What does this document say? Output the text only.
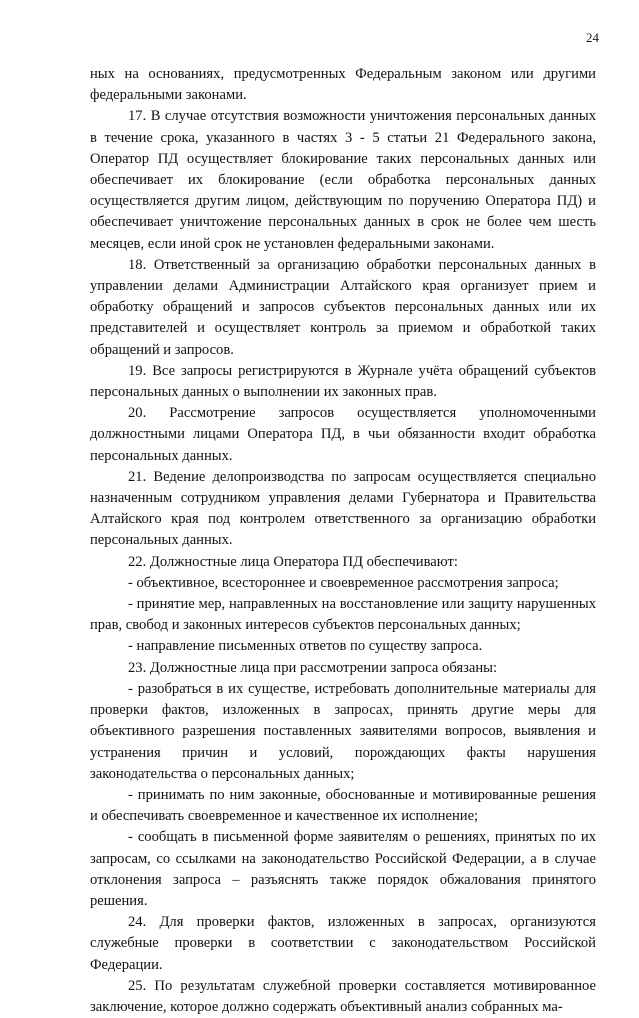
24

ных на основаниях, предусмотренных Федеральным законом или другими федеральными законами.

17. В случае отсутствия возможности уничтожения персональных данных в течение срока, указанного в частях 3 - 5 статьи 21 Федерального закона, Оператор ПД осуществляет блокирование таких персональных данных или обеспечивает их блокирование (если обработка персональных данных осуществляется другим лицом, действующим по поручению Оператора ПД) и обеспечивает уничтожение персональных данных в срок не более чем шесть месяцев, если иной срок не установлен федеральными законами.

18. Ответственный за организацию обработки персональных данных в управлении делами Администрации Алтайского края организует прием и обработку обращений и запросов субъектов персональных данных или их представителей и осуществляет контроль за приемом и обработкой таких обращений и запросов.

19. Все запросы регистрируются в Журнале учёта обращений субъектов персональных данных о выполнении их законных прав.

20. Рассмотрение запросов осуществляется уполномоченными должностными лицами Оператора ПД, в чьи обязанности входит обработка персональных данных.

21. Ведение делопроизводства по запросам осуществляется специально назначенным сотрудником управления делами Губернатора и Правительства Алтайского края под контролем ответственного за организацию обработки персональных данных.

22. Должностные лица Оператора ПД обеспечивают:

- объективное, всестороннее и своевременное рассмотрения запроса;

- принятие мер, направленных на восстановление или защиту нарушенных прав, свобод и законных интересов субъектов персональных данных;

- направление письменных ответов по существу запроса.

23. Должностные лица при рассмотрении запроса обязаны:

- разобраться в их существе, истребовать дополнительные материалы для проверки фактов, изложенных в запросах, принять другие меры для объективного разрешения поставленных заявителями вопросов, выявления и устранения причин и условий, порождающих факты нарушения законодательства о персональных данных;

- принимать по ним законные, обоснованные и мотивированные решения и обеспечивать своевременное и качественное их исполнение;

- сообщать в письменной форме заявителям о решениях, принятых по их запросам, со ссылками на законодательство Российской Федерации, а в случае отклонения запроса – разъяснять также порядок обжалования принятого решения.

24. Для проверки фактов, изложенных в запросах, организуются служебные проверки в соответствии с законодательством Российской Федерации.

25. По результатам служебной проверки составляется мотивированное заключение, которое должно содержать объективный анализ собранных ма-
